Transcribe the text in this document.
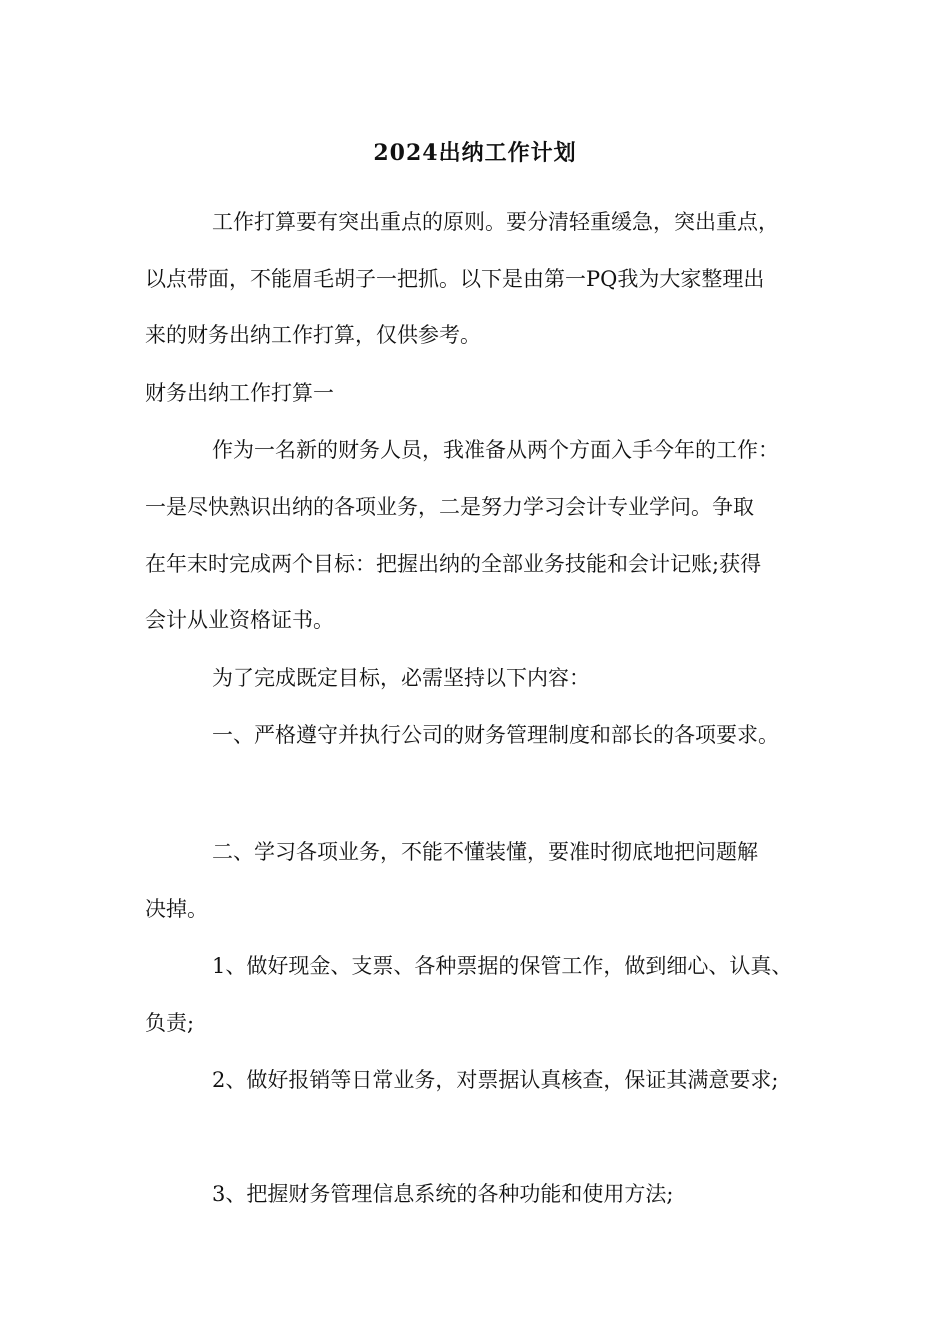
2024出纳工作计划
工作打算要有突出重点的原则。要分清轻重缓急，突出重点，
以点带面，不能眉毛胡子一把抓。以下是由第一PQ我为大家整理出
来的财务出纳工作打算，仅供参考。
财务出纳工作打算一
作为一名新的财务人员，我准备从两个方面入手今年的工作：
一是尽快熟识出纳的各项业务，二是努力学习会计专业学问。争取
在年末时完成两个目标：把握出纳的全部业务技能和会计记账;获得
会计从业资格证书。
为了完成既定目标，必需坚持以下内容：
一、严格遵守并执行公司的财务管理制度和部长的各项要求。
二、学习各项业务，不能不懂装懂，要准时彻底地把问题解
决掉。
1、做好现金、支票、各种票据的保管工作，做到细心、认真、
负责;
2、做好报销等日常业务，对票据认真核查，保证其满意要求;
3、把握财务管理信息系统的各种功能和使用方法;
